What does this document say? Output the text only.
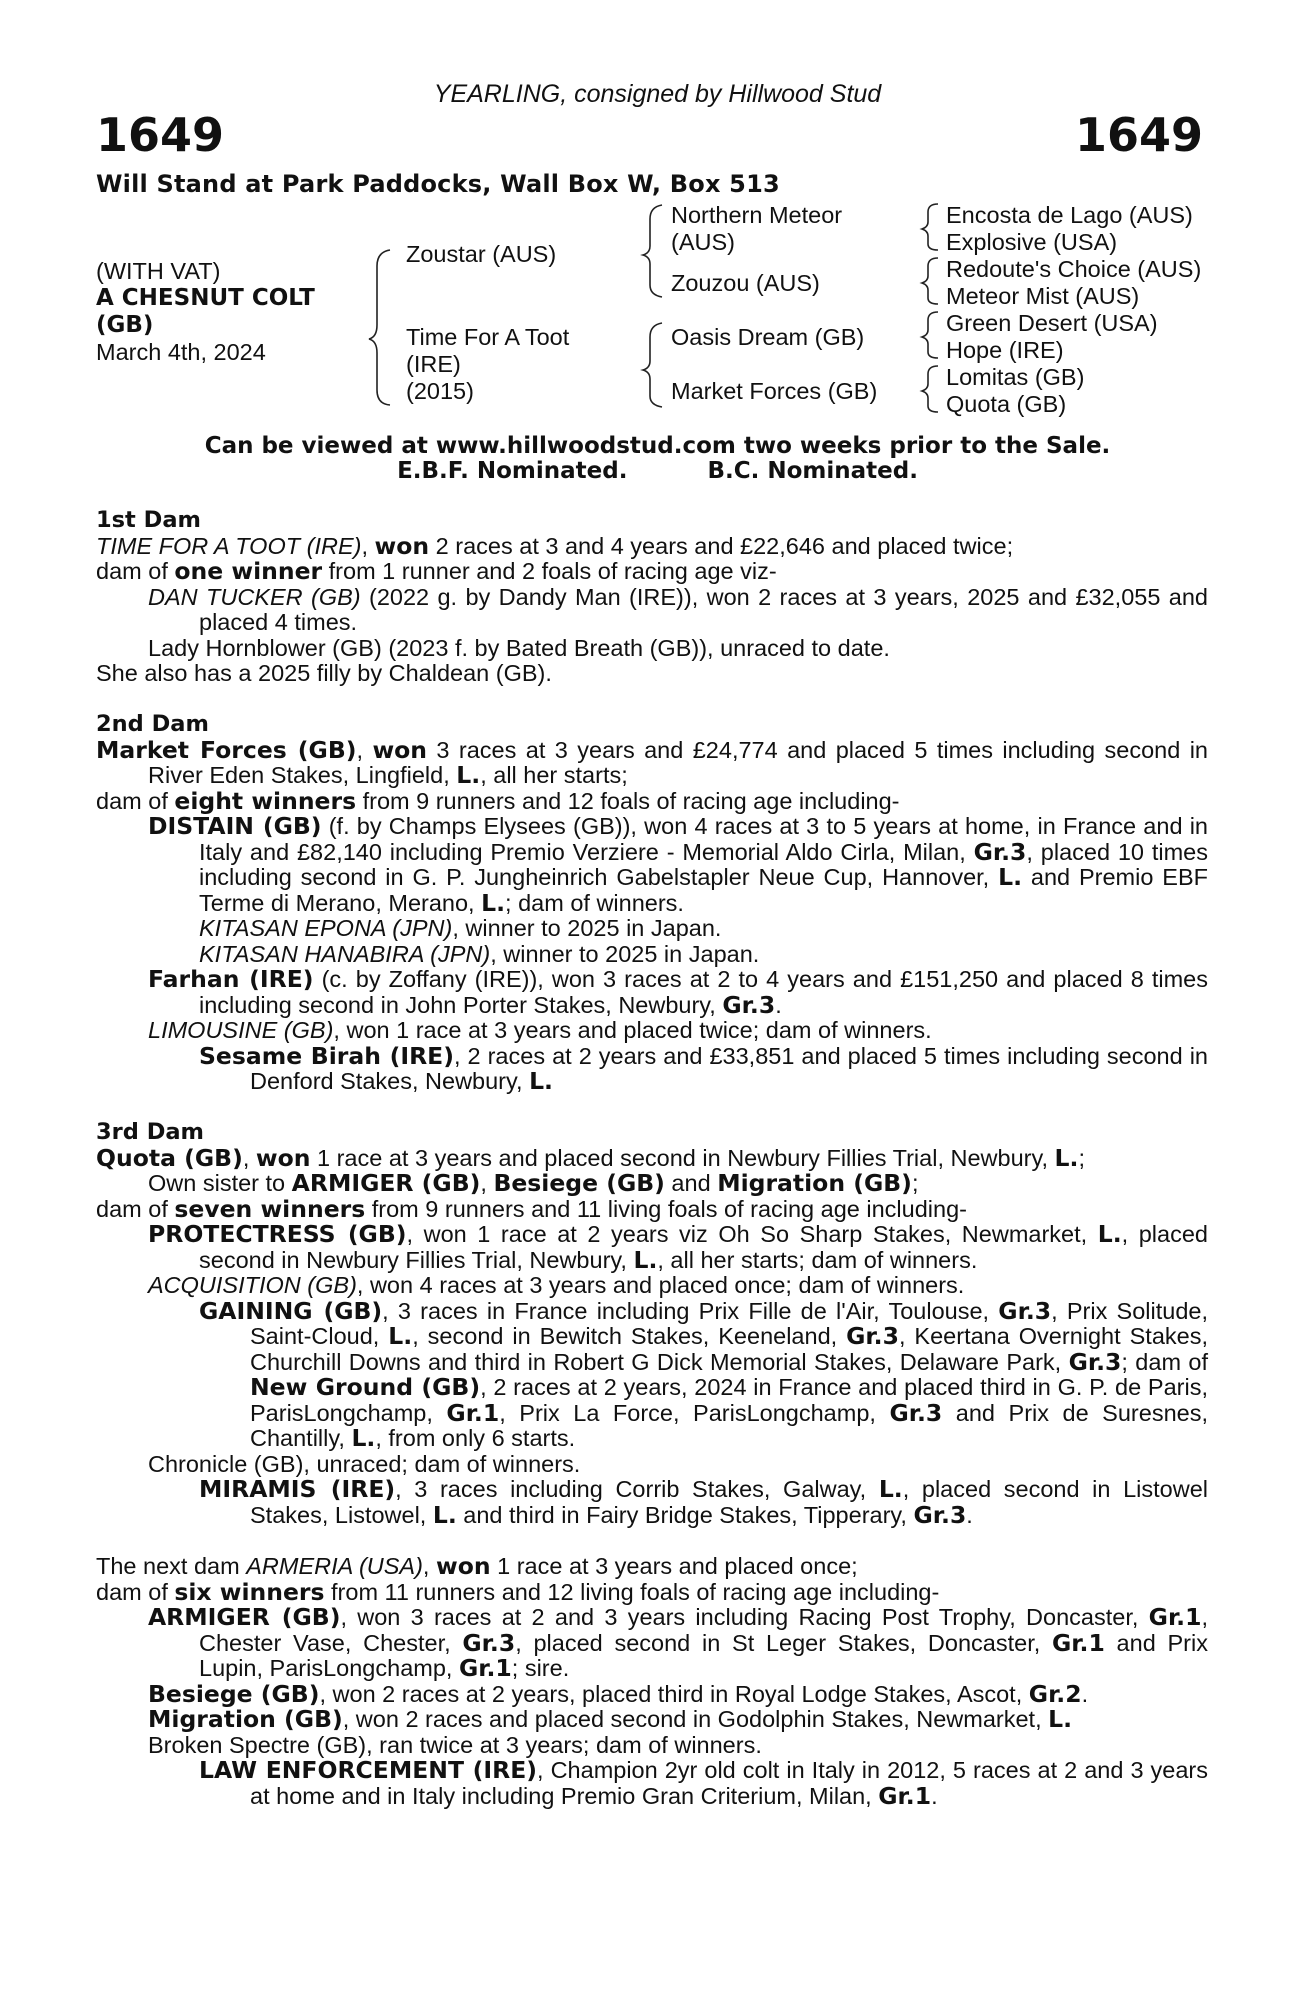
YEARLING, consigned by Hillwood Stud
1649	1649
Will Stand at Park Paddocks, Wall Box W, Box 513
(WITH VAT)
A CHESNUT COLT
(GB)
March 4th, 2024
Zoustar (AUS)
Time For A Toot
(IRE)
(2015)
Northern Meteor
(AUS)
Zouzou (AUS)
Oasis Dream (GB)
Market Forces (GB)
Encosta de Lago (AUS)
Explosive (USA)
Redoute's Choice (AUS)
Meteor Mist (AUS)
Green Desert (USA)
Hope (IRE)
Lomitas (GB)
Quota (GB)
Can be viewed at www.hillwoodstud.com two weeks prior to the Sale.
E.B.F. Nominated.	B.C. Nominated.
1st Dam
TIME FOR A TOOT (IRE), won 2 races at 3 and 4 years and £22,646 and placed twice;
dam of one winner from 1 runner and 2 foals of racing age viz-
DAN TUCKER (GB) (2022 g. by Dandy Man (IRE)), won 2 races at 3 years, 2025 and £32,055 and placed 4 times.
Lady Hornblower (GB) (2023 f. by Bated Breath (GB)), unraced to date.
She also has a 2025 filly by Chaldean (GB).
2nd Dam
Market Forces (GB), won 3 races at 3 years and £24,774 and placed 5 times including second in River Eden Stakes, Lingfield, L., all her starts;
dam of eight winners from 9 runners and 12 foals of racing age including-
DISTAIN (GB) (f. by Champs Elysees (GB)), won 4 races at 3 to 5 years at home, in France and in Italy and £82,140 including Premio Verziere - Memorial Aldo Cirla, Milan, Gr.3, placed 10 times including second in G. P. Jungheinrich Gabelstapler Neue Cup, Hannover, L. and Premio EBF Terme di Merano, Merano, L.; dam of winners.
KITASAN EPONA (JPN), winner to 2025 in Japan.
KITASAN HANABIRA (JPN), winner to 2025 in Japan.
Farhan (IRE) (c. by Zoffany (IRE)), won 3 races at 2 to 4 years and £151,250 and placed 8 times including second in John Porter Stakes, Newbury, Gr.3.
LIMOUSINE (GB), won 1 race at 3 years and placed twice; dam of winners.
Sesame Birah (IRE), 2 races at 2 years and £33,851 and placed 5 times including second in Denford Stakes, Newbury, L.
3rd Dam
Quota (GB), won 1 race at 3 years and placed second in Newbury Fillies Trial, Newbury, L.;
Own sister to ARMIGER (GB), Besiege (GB) and Migration (GB);
dam of seven winners from 9 runners and 11 living foals of racing age including-
PROTECTRESS (GB), won 1 race at 2 years viz Oh So Sharp Stakes, Newmarket, L., placed second in Newbury Fillies Trial, Newbury, L., all her starts; dam of winners.
ACQUISITION (GB), won 4 races at 3 years and placed once; dam of winners.
GAINING (GB), 3 races in France including Prix Fille de l'Air, Toulouse, Gr.3, Prix Solitude, Saint-Cloud, L., second in Bewitch Stakes, Keeneland, Gr.3, Keertana Overnight Stakes, Churchill Downs and third in Robert G Dick Memorial Stakes, Delaware Park, Gr.3; dam of New Ground (GB), 2 races at 2 years, 2024 in France and placed third in G. P. de Paris, ParisLongchamp, Gr.1, Prix La Force, ParisLongchamp, Gr.3 and Prix de Suresnes, Chantilly, L., from only 6 starts.
Chronicle (GB), unraced; dam of winners.
MIRAMIS (IRE), 3 races including Corrib Stakes, Galway, L., placed second in Listowel Stakes, Listowel, L. and third in Fairy Bridge Stakes, Tipperary, Gr.3.
The next dam ARMERIA (USA), won 1 race at 3 years and placed once;
dam of six winners from 11 runners and 12 living foals of racing age including-
ARMIGER (GB), won 3 races at 2 and 3 years including Racing Post Trophy, Doncaster, Gr.1, Chester Vase, Chester, Gr.3, placed second in St Leger Stakes, Doncaster, Gr.1 and Prix Lupin, ParisLongchamp, Gr.1; sire.
Besiege (GB), won 2 races at 2 years, placed third in Royal Lodge Stakes, Ascot, Gr.2.
Migration (GB), won 2 races and placed second in Godolphin Stakes, Newmarket, L.
Broken Spectre (GB), ran twice at 3 years; dam of winners.
LAW ENFORCEMENT (IRE), Champion 2yr old colt in Italy in 2012, 5 races at 2 and 3 years at home and in Italy including Premio Gran Criterium, Milan, Gr.1.
